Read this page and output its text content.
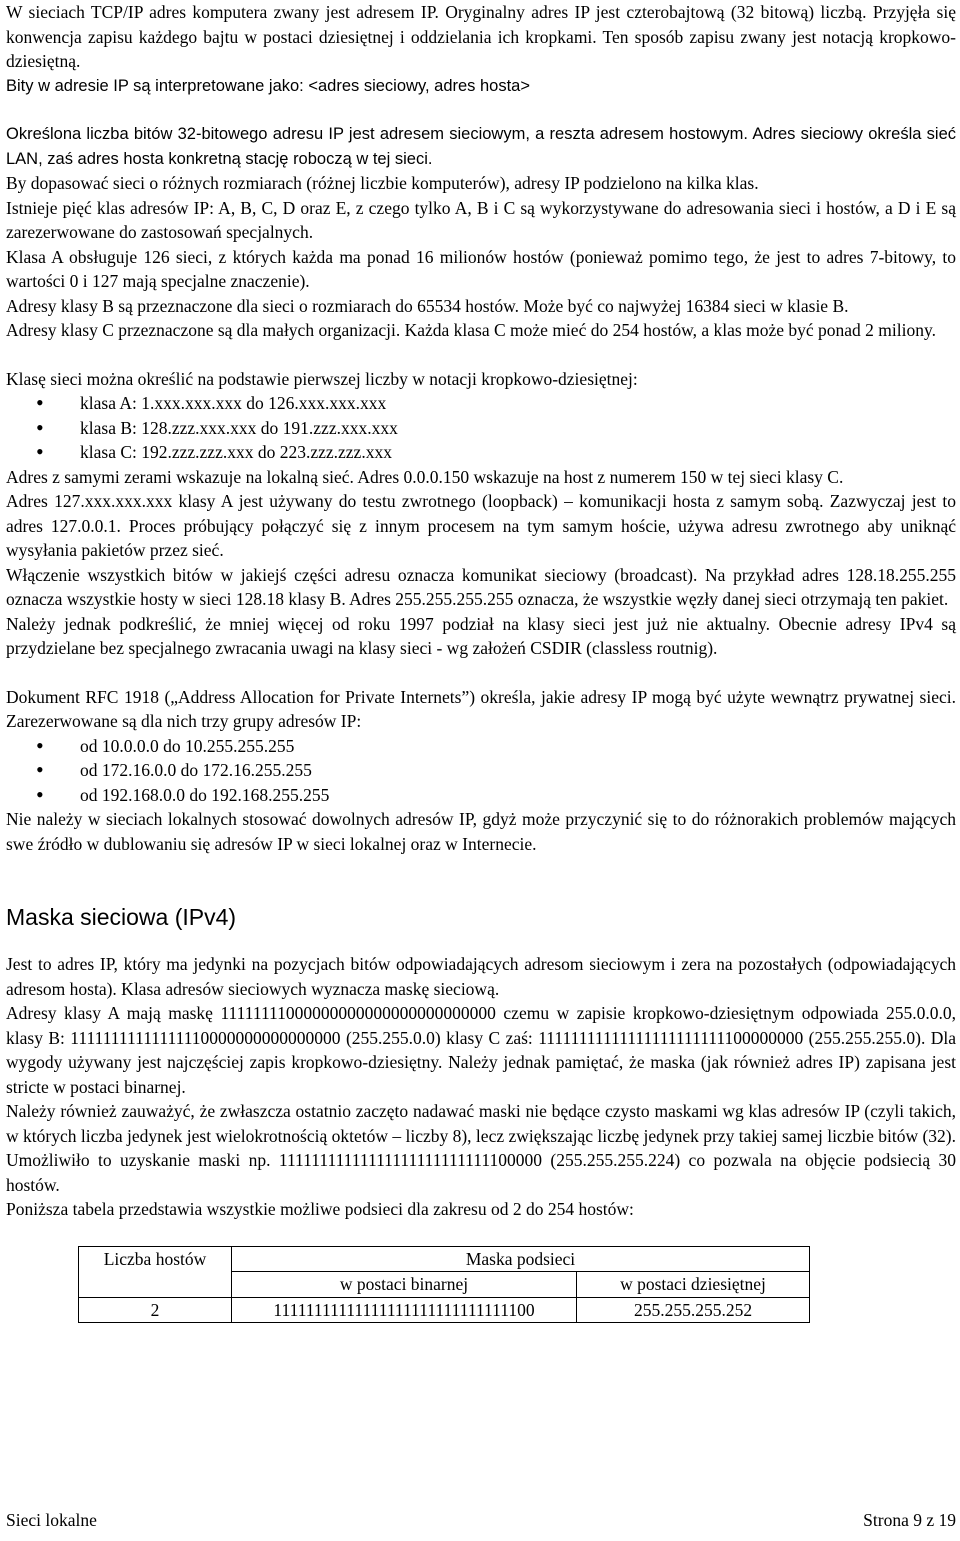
W sieciach TCP/IP adres komputera zwany jest adresem IP. Oryginalny adres IP jest czterobajtową (32 bitową) liczbą. Przyjęła się konwencja zapisu każdego bajtu w postaci dziesiętnej i oddzielania ich kropkami. Ten sposób zapisu zwany jest notacją kropkowo-dziesiętną.

Bity w adresie IP są interpretowane jako: <adres sieciowy, adres hosta>

Określona liczba bitów 32-bitowego adresu IP jest adresem sieciowym, a reszta adresem hostowym. Adres sieciowy określa sieć LAN, zaś adres hosta konkretną stację roboczą w tej sieci.

By dopasować sieci o różnych rozmiarach (różnej liczbie komputerów), adresy IP podzielono na kilka klas.

Istnieje pięć klas adresów IP: A, B, C, D oraz E, z czego tylko A, B i C są wykorzystywane do adresowania sieci i hostów, a D i E są zarezerwowane do zastosowań specjalnych.

Klasa A obsługuje 126 sieci, z których każda ma ponad 16 milionów hostów (ponieważ pomimo tego, że jest to adres 7-bitowy, to wartości 0 i 127 mają specjalne znaczenie).

Adresy klasy B są przeznaczone dla sieci o rozmiarach do 65534 hostów. Może być co najwyżej 16384 sieci w klasie B.

Adresy klasy C przeznaczone są dla małych organizacji. Każda klasa C może mieć do 254 hostów, a klas może być ponad 2 miliony.

Klasę sieci można określić na podstawie pierwszej liczby w notacji kropkowo-dziesiętnej:

• klasa A: 1.xxx.xxx.xxx do 126.xxx.xxx.xxx
• klasa B: 128.zzz.xxx.xxx do 191.zzz.xxx.xxx
• klasa C: 192.zzz.zzz.xxx do 223.zzz.zzz.xxx

Adres z samymi zerami wskazuje na lokalną sieć. Adres 0.0.0.150 wskazuje na host z numerem 150 w tej sieci klasy C.

Adres 127.xxx.xxx.xxx klasy A jest używany do testu zwrotnego (loopback) – komunikacji hosta z samym sobą. Zazwyczaj jest to adres 127.0.0.1. Proces próbujący połączyć się z innym procesem na tym samym hoście, używa adresu zwrotnego aby uniknąć wysyłania pakietów przez sieć.

Włączenie wszystkich bitów w jakiejś części adresu oznacza komunikat sieciowy (broadcast). Na przykład adres 128.18.255.255 oznacza wszystkie hosty w sieci 128.18 klasy B. Adres 255.255.255.255 oznacza, że wszystkie węzły danej sieci otrzymają ten pakiet.

Należy jednak podkreślić, że mniej więcej od roku 1997 podział na klasy sieci jest już nie aktualny. Obecnie adresy IPv4 są przydzielane bez specjalnego zwracania uwagi na klasy sieci - wg założeń CSDIR (classless routnig).

Dokument RFC 1918 („Address Allocation for Private Internets”) określa, jakie adresy IP mogą być użyte wewnątrz prywatnej sieci. Zarezerwowane są dla nich trzy grupy adresów IP:

• od 10.0.0.0 do 10.255.255.255
• od 172.16.0.0 do 172.16.255.255
• od 192.168.0.0 do 192.168.255.255

Nie należy w sieciach lokalnych stosować dowolnych adresów IP, gdyż może przyczynić się to do różnorakich problemów mających swe źródło w dublowaniu się adresów IP w sieci lokalnej oraz w Internecie.

Maska sieciowa (IPv4)

Jest to adres IP, który ma jedynki na pozycjach bitów odpowiadających adresom sieciowym i zera na pozostałych (odpowiadających adresom hosta). Klasa adresów sieciowych wyznacza maskę sieciową.

Adresy klasy A mają maskę 11111111000000000000000000000000 czemu w zapisie kropkowo-dziesiętnym odpowiada 255.0.0.0, klasy B: 11111111111111110000000000000000 (255.255.0.0) klasy C zaś: 11111111111111111111111100000000 (255.255.255.0). Dla wygody używany jest najczęściej zapis kropkowo-dziesiętny. Należy jednak pamiętać, że maska (jak również adres IP) zapisana jest stricte w postaci binarnej.

Należy również zauważyć, że zwłaszcza ostatnio zaczęto nadawać maski nie będące czysto maskami wg klas adresów IP (czyli takich, w których liczba jedynek jest wielokrotnością oktetów – liczby 8), lecz zwiększając liczbę jedynek przy takiej samej liczbie bitów (32). Umożliwiło to uzyskanie maski np. 11111111111111111111111111100000 (255.255.255.224) co pozwala na objęcie podsiecią 30 hostów.

Poniższa tabela przedstawia wszystkie możliwe podsieci dla zakresu od 2 do 254 hostów:

Liczba hostów	Maska podsieci	
	w postaci binarnej	w postaci dziesiętnej
2	11111111111111111111111111111100	255.255.255.252
Sieci lokalne	Strona 9 z 19
